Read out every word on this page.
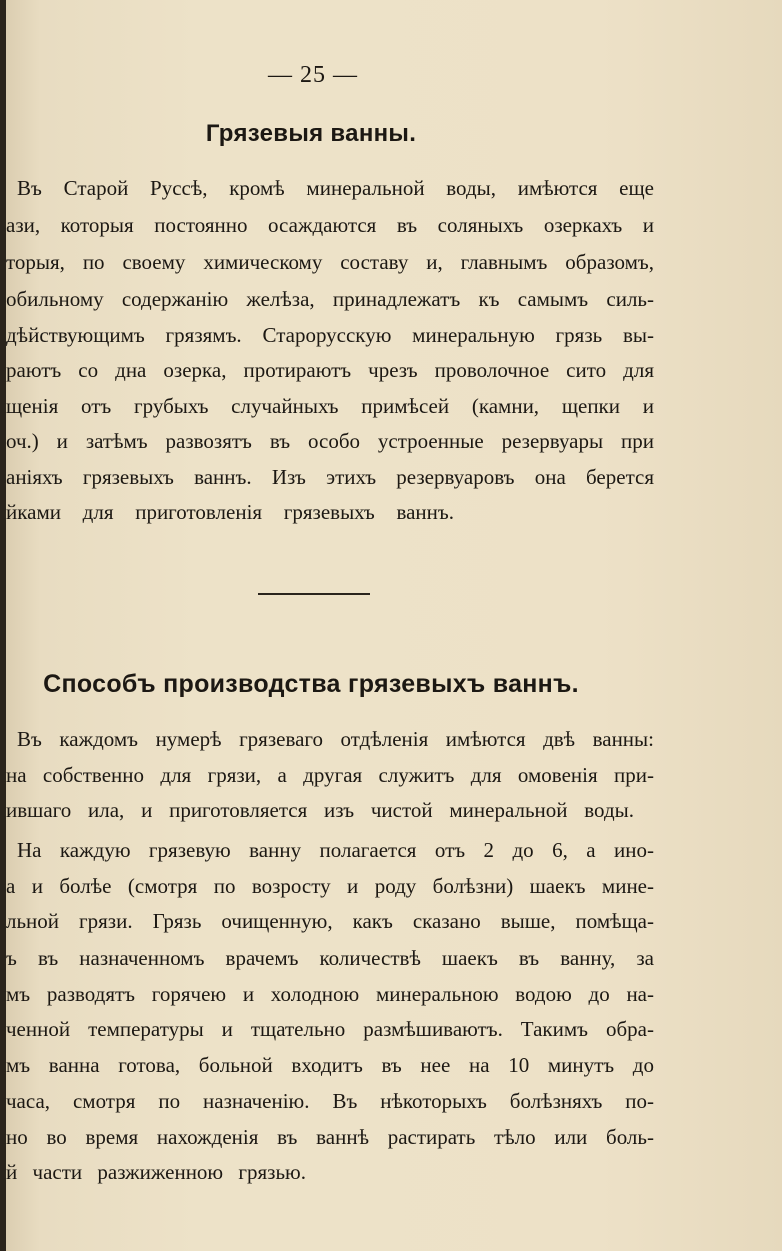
— 25 —
Грязевыя ванны.
Въ Старой Руссѣ, кромѣ минеральной воды, имѣются еще
ази, которыя постоянно осаждаются въ соляныхъ озеркахъ и
торыя, по своему химическому составу и, главнымъ образомъ,
обильному содержанію желѣза, принадлежатъ къ самымъ силь-
дѣйствующимъ грязямъ. Старорусскую минеральную грязь вы-
раютъ со дна озерка, протираютъ чрезъ проволочное сито для
щенія отъ грубыхъ случайныхъ примѣсей (камни, щепки и
оч.) и затѣмъ развозятъ въ особо устроенные резервуары при
аніяхъ грязевыхъ ваннъ. Изъ этихъ резервуаровъ она берется
йками для приготовленія грязевыхъ ваннъ.
Способъ производства грязевыхъ ваннъ.
Въ каждомъ нумерѣ грязеваго отдѣленія имѣются двѣ ванны:
на собственно для грязи, а другая служитъ для омовенія при-
ившаго ила, и приготовляется изъ чистой минеральной воды.
На каждую грязевую ванну полагается отъ 2 до 6, а ино-
а и болѣе (смотря по возросту и роду болѣзни) шаекъ мине-
льной грязи. Грязь очищенную, какъ сказано выше, помѣща-
ъ въ назначенномъ врачемъ количествѣ шаекъ въ ванну, за
мъ разводятъ горячею и холодною минеральною водою до на-
ченной температуры и тщательно размѣшиваютъ. Такимъ обра-
мъ ванна готова, больной входитъ въ нее на 10 минутъ до
часа, смотря по назначенію. Въ нѣкоторыхъ болѣзняхъ по-
но во время нахожденія въ ваннѣ растирать тѣло или боль-
й части разжиженною грязью.
